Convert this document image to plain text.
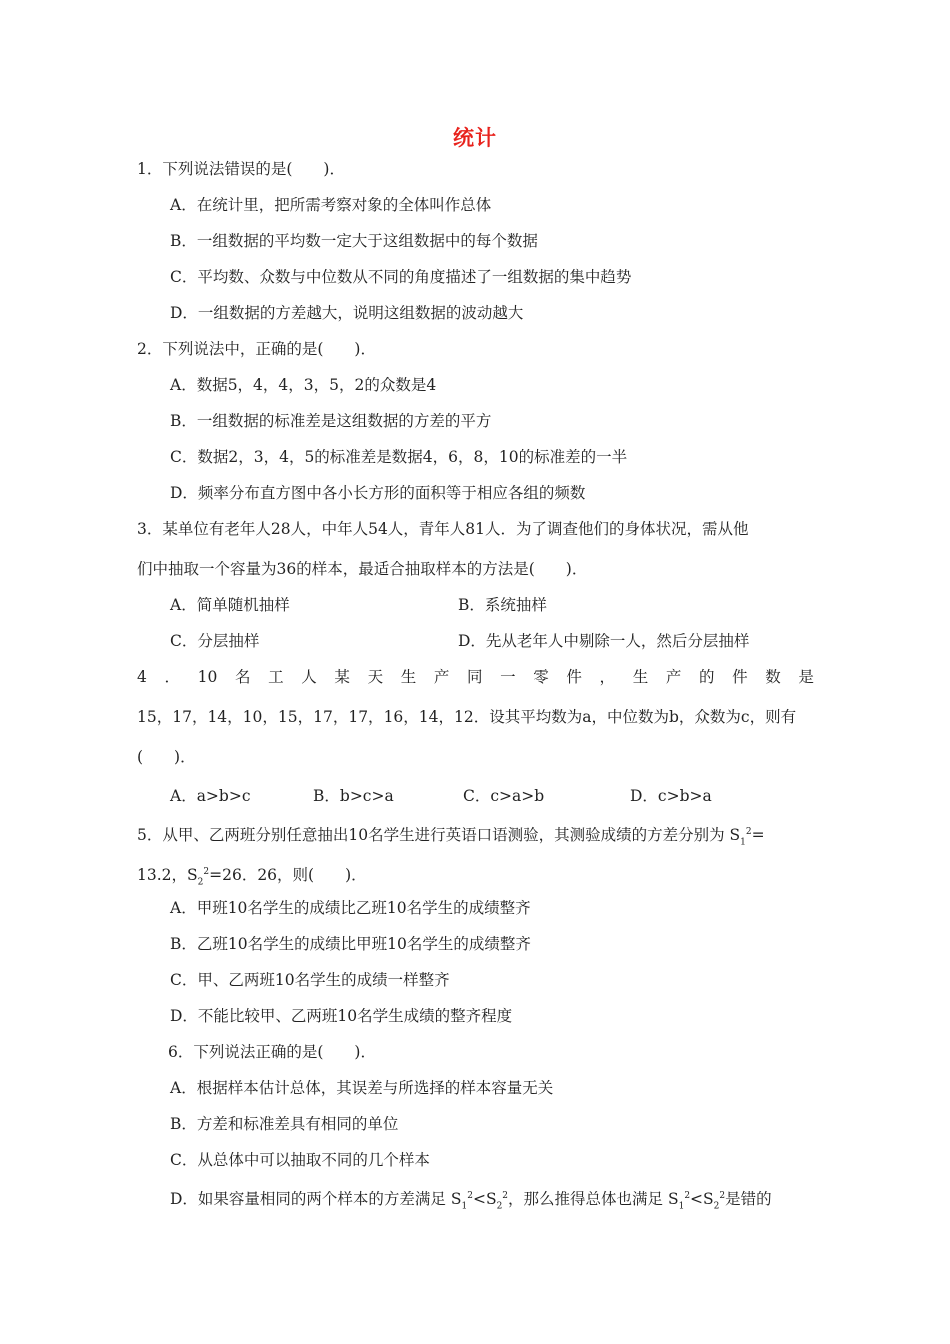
统计
1．下列说法错误的是(　　)．
A．在统计里，把所需考察对象的全体叫作总体
B．一组数据的平均数一定大于这组数据中的每个数据
C．平均数、众数与中位数从不同的角度描述了一组数据的集中趋势
D．一组数据的方差越大，说明这组数据的波动越大
2．下列说法中，正确的是(　　)．
A．数据5，4，4，3，5，2的众数是4
B．一组数据的标准差是这组数据的方差的平方
C．数据2，3，4，5的标准差是数据4，6，8，10的标准差的一半
D．频率分布直方图中各小长方形的面积等于相应各组的频数
3．某单位有老年人28人，中年人54人，青年人81人．为了调查他们的身体状况，需从他
们中抽取一个容量为36的样本，最适合抽取样本的方法是(　　)．
A．简单随机抽样	B．系统抽样
C．分层抽样	D．先从老年人中剔除一人，然后分层抽样
4 ． 10 名 工 人 某 天 生 产 同 一 零 件 ， 生 产 的 件 数 是
15，17，14，10，15，17，17，16，14，12．设其平均数为a，中位数为b，众数为c，则有
(　　)．
A．a>b>c	B．b>c>a	C．c>a>b	D．c>b>a
5．从甲、乙两班分别任意抽出10名学生进行英语口语测验，其测验成绩的方差分别为 $S_1^2=$
13.2，$S_2^2=26$．26，则(　　)．
A．甲班10名学生的成绩比乙班10名学生的成绩整齐
B．乙班10名学生的成绩比甲班10名学生的成绩整齐
C．甲、乙两班10名学生的成绩一样整齐
D．不能比较甲、乙两班10名学生成绩的整齐程度
6．下列说法正确的是(　　)．
A．根据样本估计总体，其误差与所选择的样本容量无关
B．方差和标准差具有相同的单位
C．从总体中可以抽取不同的几个样本
D．如果容量相同的两个样本的方差满足 $S_1^2<S_2^2$，那么推得总体也满足 $S_1^2<S_2^2$是错的
